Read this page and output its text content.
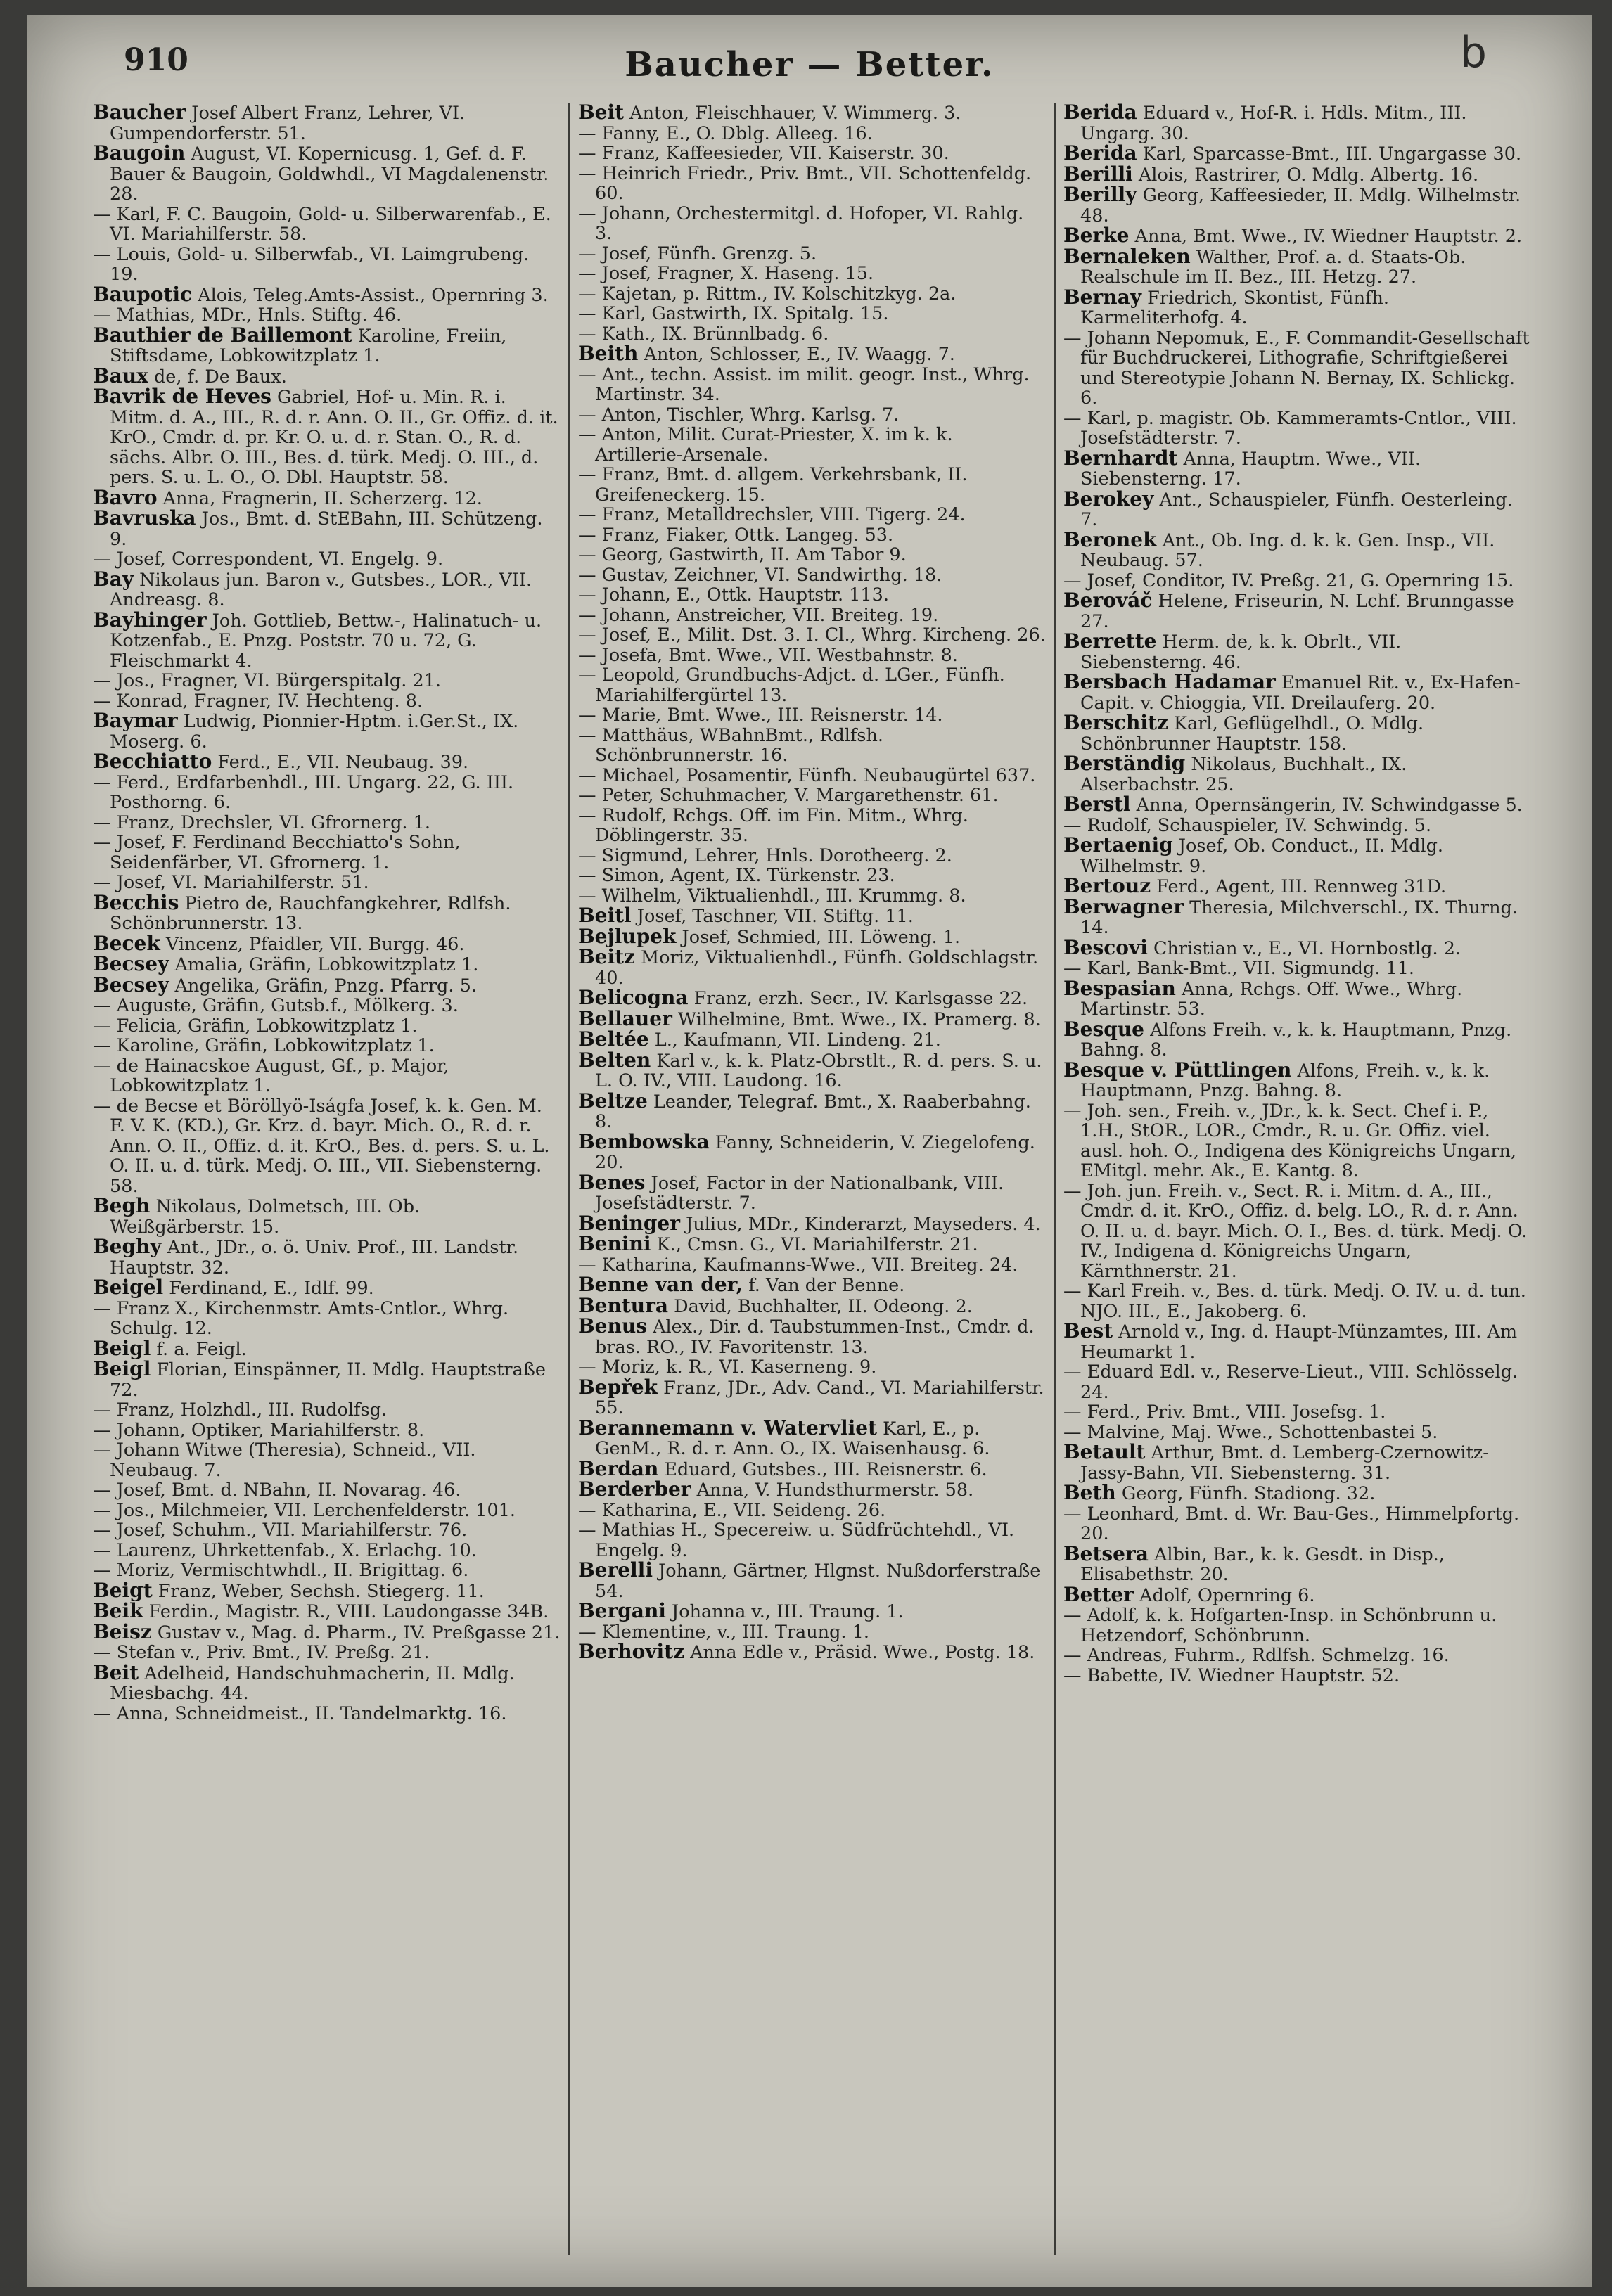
910	Baucher — Better.	b

Baucher Josef Albert Franz, Lehrer, VI. Gumpendorferstr. 51.

Baugoin August, VI. Kopernicusg. 1, Gef. d. F. Bauer & Baugoin, Goldwhdl., VI Magdalenenstr. 28.

— Karl, F. C. Baugoin, Gold- u. Silberwarenfab., E. VI. Mariahilferstr. 58.

— Louis, Gold- u. Silberwfab., VI. Laimgrubeng. 19.

Baupotic Alois, Teleg.Amts-Assist., Opernring 3.

— Mathias, MDr., Hnls. Stiftg. 46.

Bauthier de Baillemont Karoline, Freiin, Stiftsdame, Lobkowitzplatz 1.

Baux de, f. De Baux.

Bavrik de Heves Gabriel, Hof- u. Min. R. i. Mitm. d. A., III., R. d. r. Ann. O. II., Gr. Offiz. d. it. KrO., Cmdr. d. pr. Kr. O. u. d. r. Stan. O., R. d. sächs. Albr. O. III., Bes. d. türk. Medj. O. III., d. pers. S. u. L. O., O. Dbl. Hauptstr. 58.

Bavro Anna, Fragnerin, II. Scherzerg. 12.

Bavruska Jos., Bmt. d. StEBahn, III. Schützeng. 9.

— Josef, Correspondent, VI. Engelg. 9.

Bay Nikolaus jun. Baron v., Gutsbes., LOR., VII. Andreasg. 8.

Bayhinger Joh. Gottlieb, Bettw.-, Halinatuch- u. Kotzenfab., E. Pnzg. Poststr. 70 u. 72, G. Fleischmarkt 4.

— Jos., Fragner, VI. Bürgerspitalg. 21.

— Konrad, Fragner, IV. Hechteng. 8.

Baymar Ludwig, Pionnier-Hptm. i.Ger.St., IX. Moserg. 6.

Becchiatto Ferd., E., VII. Neubaug. 39.

— Ferd., Erdfarbenhdl., III. Ungarg. 22, G. III. Posthorng. 6.

— Franz, Drechsler, VI. Gfrornerg. 1.

— Josef, F. Ferdinand Becchiatto's Sohn, Seidenfärber, VI. Gfrornerg. 1.

— Josef, VI. Mariahilferstr. 51.

Becchis Pietro de, Rauchfangkehrer, Rdlfsh. Schönbrunnerstr. 13.

Becek Vincenz, Pfaidler, VII. Burgg. 46.

Becsey Amalia, Gräfin, Lobkowitzplatz 1.

Becsey Angelika, Gräfin, Pnzg. Pfarrg. 5.

— Auguste, Gräfin, Gutsb.f., Mölkerg. 3.

— Felicia, Gräfin, Lobkowitzplatz 1.

— Karoline, Gräfin, Lobkowitzplatz 1.

— de Hainacskoe August, Gf., p. Major, Lobkowitzplatz 1.

— de Becse et Böröllyö-Iságfa Josef, k. k. Gen. M. F. V. K. (KD.), Gr. Krz. d. bayr. Mich. O., R. d. r. Ann. O. II., Offiz. d. it. KrO., Bes. d. pers. S. u. L. O. II. u. d. türk. Medj. O. III., VII. Siebensterng. 58.

Begh Nikolaus, Dolmetsch, III. Ob. Weißgärberstr. 15.

Beghy Ant., JDr., o. ö. Univ. Prof., III. Landstr. Hauptstr. 32.

Beigel Ferdinand, E., Idlf. 99.

— Franz X., Kirchenmstr. Amts-Cntlor., Whrg. Schulg. 12.

Beigl f. a. Feigl.

Beigl Florian, Einspänner, II. Mdlg. Hauptstraße 72.

— Franz, Holzhdl., III. Rudolfsg.

— Johann, Optiker, Mariahilferstr. 8.

— Johann Witwe (Theresia), Schneid., VII. Neubaug. 7.

— Josef, Bmt. d. NBahn, II. Novarag. 46.

— Jos., Milchmeier, VII. Lerchenfelderstr. 101.

— Josef, Schuhm., VII. Mariahilferstr. 76.

— Laurenz, Uhrkettenfab., X. Erlachg. 10.

— Moriz, Vermischtwhdl., II. Brigittag. 6.

Beigt Franz, Weber, Sechsh. Stiegerg. 11.

Beik Ferdin., Magistr. R., VIII. Laudongasse 34B.

Beisz Gustav v., Mag. d. Pharm., IV. Preßgasse 21.

— Stefan v., Priv. Bmt., IV. Preßg. 21.

Beit Adelheid, Handschuhmacherin, II. Mdlg. Miesbachg. 44.

— Anna, Schneidmeist., II. Tandelmarktg. 16.

Beit Anton, Fleischhauer, V. Wimmerg. 3.

— Fanny, E., O. Dblg. Alleeg. 16.

— Franz, Kaffeesieder, VII. Kaiserstr. 30.

— Heinrich Friedr., Priv. Bmt., VII. Schottenfeldg. 60.

— Johann, Orchestermitgl. d. Hofoper, VI. Rahlg. 3.

— Josef, Fünfh. Grenzg. 5.

— Josef, Fragner, X. Haseng. 15.

— Kajetan, p. Rittm., IV. Kolschitzkyg. 2a.

— Karl, Gastwirth, IX. Spitalg. 15.

— Kath., IX. Brünnlbadg. 6.

Beith Anton, Schlosser, E., IV. Waagg. 7.

— Ant., techn. Assist. im milit. geogr. Inst., Whrg. Martinstr. 34.

— Anton, Tischler, Whrg. Karlsg. 7.

— Anton, Milit. Curat-Priester, X. im k. k. Artillerie-Arsenale.

— Franz, Bmt. d. allgem. Verkehrsbank, II. Greifeneckerg. 15.

— Franz, Metalldrechsler, VIII. Tigerg. 24.

— Franz, Fiaker, Ottk. Langeg. 53.

— Georg, Gastwirth, II. Am Tabor 9.

— Gustav, Zeichner, VI. Sandwirthg. 18.

— Johann, E., Ottk. Hauptstr. 113.

— Johann, Anstreicher, VII. Breiteg. 19.

— Josef, E., Milit. Dst. 3. I. Cl., Whrg. Kircheng. 26.

— Josefa, Bmt. Wwe., VII. Westbahnstr. 8.

— Leopold, Grundbuchs-Adjct. d. LGer., Fünfh. Mariahilfergürtel 13.

— Marie, Bmt. Wwe., III. Reisnerstr. 14.

— Matthäus, WBahnBmt., Rdlfsh. Schönbrunnerstr. 16.

— Michael, Posamentir, Fünfh. Neubaugürtel 637.

— Peter, Schuhmacher, V. Margarethenstr. 61.

— Rudolf, Rchgs. Off. im Fin. Mitm., Whrg. Döblingerstr. 35.

— Sigmund, Lehrer, Hnls. Dorotheerg. 2.

— Simon, Agent, IX. Türkenstr. 23.

— Wilhelm, Viktualienhdl., III. Krummg. 8.

Beitl Josef, Taschner, VII. Stiftg. 11.

Bejlupek Josef, Schmied, III. Löweng. 1.

Beitz Moriz, Viktualienhdl., Fünfh. Goldschlagstr. 40.

Belicogna Franz, erzh. Secr., IV. Karlsgasse 22.

Bellauer Wilhelmine, Bmt. Wwe., IX. Pramerg. 8.

Beltée L., Kaufmann, VII. Lindeng. 21.

Belten Karl v., k. k. Platz-Obrstlt., R. d. pers. S. u. L. O. IV., VIII. Laudong. 16.

Beltze Leander, Telegraf. Bmt., X. Raaberbahng. 8.

Bembowska Fanny, Schneiderin, V. Ziegelofeng. 20.

Benes Josef, Factor in der Nationalbank, VIII. Josefstädterstr. 7.

Beninger Julius, MDr., Kinderarzt, Mayseders. 4.

Benini K., Cmsn. G., VI. Mariahilferstr. 21.

— Katharina, Kaufmanns-Wwe., VII. Breiteg. 24.

Benne van der, f. Van der Benne.

Bentura David, Buchhalter, II. Odeong. 2.

Benus Alex., Dir. d. Taubstummen-Inst., Cmdr. d. bras. RO., IV. Favoritenstr. 13.

— Moriz, k. R., VI. Kaserneng. 9.

Bepřek Franz, JDr., Adv. Cand., VI. Mariahilferstr. 55.

Berannemann v. Watervliet Karl, E., p. GenM., R. d. r. Ann. O., IX. Waisenhausg. 6.

Berdan Eduard, Gutsbes., III. Reisnerstr. 6.

Berderber Anna, V. Hundsthurmerstr. 58.

— Katharina, E., VII. Seideng. 26.

— Mathias H., Specereiw. u. Südfrüchtehdl., VI. Engelg. 9.

Berelli Johann, Gärtner, Hlgnst. Nußdorferstraße 54.

Bergani Johanna v., III. Traung. 1.

— Klementine, v., III. Traung. 1.

Berhovitz Anna Edle v., Präsid. Wwe., Postg. 18.

Berida Eduard v., Hof-R. i. Hdls. Mitm., III. Ungarg. 30.

Berida Karl, Sparcasse-Bmt., III. Ungargasse 30.

Berilli Alois, Rastrirer, O. Mdlg. Albertg. 16.

Berilly Georg, Kaffeesieder, II. Mdlg. Wilhelmstr. 48.

Berke Anna, Bmt. Wwe., IV. Wiedner Hauptstr. 2.

Bernaleken Walther, Prof. a. d. Staats-Ob. Realschule im II. Bez., III. Hetzg. 27.

Bernay Friedrich, Skontist, Fünfh. Karmeliterhofg. 4.

— Johann Nepomuk, E., F. Commandit-Gesellschaft für Buchdruckerei, Lithografie, Schriftgießerei und Stereotypie Johann N. Bernay, IX. Schlickg. 6.

— Karl, p. magistr. Ob. Kammeramts-Cntlor., VIII. Josefstädterstr. 7.

Bernhardt Anna, Hauptm. Wwe., VII. Siebensterng. 17.

Berokey Ant., Schauspieler, Fünfh. Oesterleing. 7.

Beronek Ant., Ob. Ing. d. k. k. Gen. Insp., VII. Neubaug. 57.

— Josef, Conditor, IV. Preßg. 21, G. Opernring 15.

Berováč Helene, Friseurin, N. Lchf. Brunngasse 27.

Berrette Herm. de, k. k. Obrlt., VII. Siebensterng. 46.

Bersbach Hadamar Emanuel Rit. v., Ex-Hafen-Capit. v. Chioggia, VII. Dreilauferg. 20.

Berschitz Karl, Geflügelhdl., O. Mdlg. Schönbrunner Hauptstr. 158.

Berständig Nikolaus, Buchhalt., IX. Alserbachstr. 25.

Berstl Anna, Opernsängerin, IV. Schwindgasse 5.

— Rudolf, Schauspieler, IV. Schwindg. 5.

Bertaenig Josef, Ob. Conduct., II. Mdlg. Wilhelmstr. 9.

Bertouz Ferd., Agent, III. Rennweg 31D.

Berwagner Theresia, Milchverschl., IX. Thurng. 14.

Bescovi Christian v., E., VI. Hornbostlg. 2.

— Karl, Bank-Bmt., VII. Sigmundg. 11.

Bespasian Anna, Rchgs. Off. Wwe., Whrg. Martinstr. 53.

Besque Alfons Freih. v., k. k. Hauptmann, Pnzg. Bahng. 8.

Besque v. Püttlingen Alfons, Freih. v., k. k. Hauptmann, Pnzg. Bahng. 8.

— Joh. sen., Freih. v., JDr., k. k. Sect. Chef i. P., 1.H., StOR., LOR., Cmdr., R. u. Gr. Offiz. viel. ausl. hoh. O., Indigena des Königreichs Ungarn, EMitgl. mehr. Ak., E. Kantg. 8.

— Joh. jun. Freih. v., Sect. R. i. Mitm. d. A., III., Cmdr. d. it. KrO., Offiz. d. belg. LO., R. d. r. Ann. O. II. u. d. bayr. Mich. O. I., Bes. d. türk. Medj. O. IV., Indigena d. Königreichs Ungarn, Kärnthnerstr. 21.

— Karl Freih. v., Bes. d. türk. Medj. O. IV. u. d. tun. NJO. III., E., Jakoberg. 6.

Best Arnold v., Ing. d. Haupt-Münzamtes, III. Am Heumarkt 1.

— Eduard Edl. v., Reserve-Lieut., VIII. Schlösselg. 24.

— Ferd., Priv. Bmt., VIII. Josefsg. 1.

— Malvine, Maj. Wwe., Schottenbastei 5.

Betault Arthur, Bmt. d. Lemberg-Czernowitz-Jassy-Bahn, VII. Siebensterng. 31.

Beth Georg, Fünfh. Stadiong. 32.

— Leonhard, Bmt. d. Wr. Bau-Ges., Himmelpfortg. 20.

Betsera Albin, Bar., k. k. Gesdt. in Disp., Elisabethstr. 20.

Better Adolf, Opernring 6.

— Adolf, k. k. Hofgarten-Insp. in Schönbrunn u. Hetzendorf, Schönbrunn.

— Andreas, Fuhrm., Rdlfsh. Schmelzg. 16.

— Babette, IV. Wiedner Hauptstr. 52.
